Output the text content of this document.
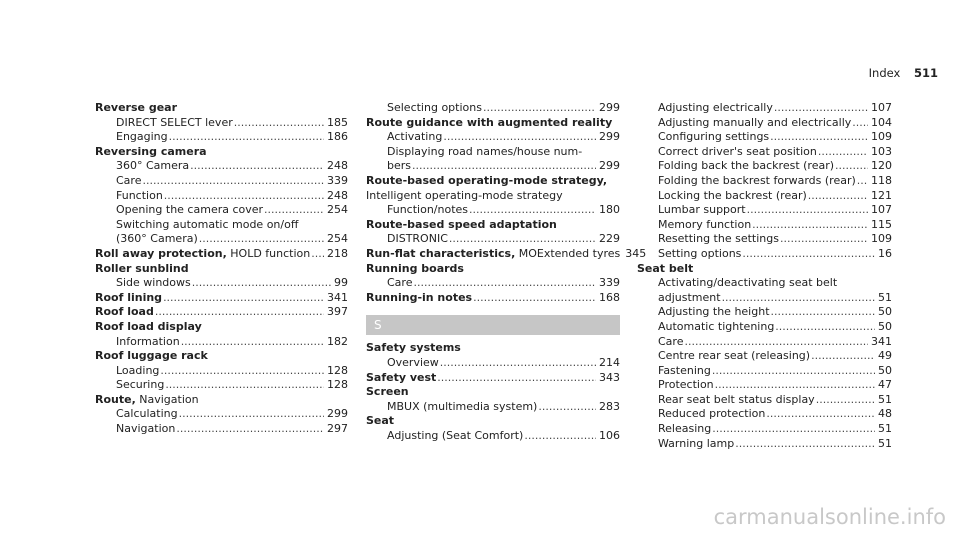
Index 511
Reverse gear
DIRECT SELECT lever .....	185
Engaging .....	186
Reversing camera
360° Camera .....	248
Care .....	339
Function .....	248
Opening the camera cover .....	254
Switching automatic mode on/off
(360° Camera) .....	254
Roll away protection, HOLD function ..... 218
Roller sunblind
Side windows .....	99
Roof lining .....	341
Roof load .....	397
Roof load display
Information .....	182
Roof luggage rack
Loading .....	128
Securing .....	128
Route, Navigation
Calculating .....	299
Navigation .....	297
Selecting options .....	299
Route guidance with augmented reality
Activating .....	299
Displaying road names/house num-
bers .....	299
Route-based operating-mode strategy,
Intelligent operating-mode strategy
Function/notes .....	180
Route-based speed adaptation
DISTRONIC .....	229
Run-flat characteristics, MOExtended tyres ..... 345
Running boards
Care .....	339
Running-in notes .....	168
S
Safety systems
Overview .....	214
Safety vest .....	343
Screen
MBUX (multimedia system) .....	283
Seat
Adjusting (Seat Comfort) .....	106
Adjusting electrically .....	107
Adjusting manually and electrically ..... 104
Configuring settings .....	109
Correct driver's seat position .....	103
Folding back the backrest (rear) .....	120
Folding the backrest forwards (rear) ..... 118
Locking the backrest (rear) .....	121
Lumbar support .....	107
Memory function .....	115
Resetting the settings .....	109
Setting options .....	16
Seat belt
Activating/deactivating seat belt
adjustment .....	51
Adjusting the height .....	50
Automatic tightening .....	50
Care .....	341
Centre rear seat (releasing) .....	49
Fastening .....	50
Protection .....	47
Rear seat belt status display .....	51
Reduced protection .....	48
Releasing .....	51
Warning lamp .....	51
carmanualsonline.info
